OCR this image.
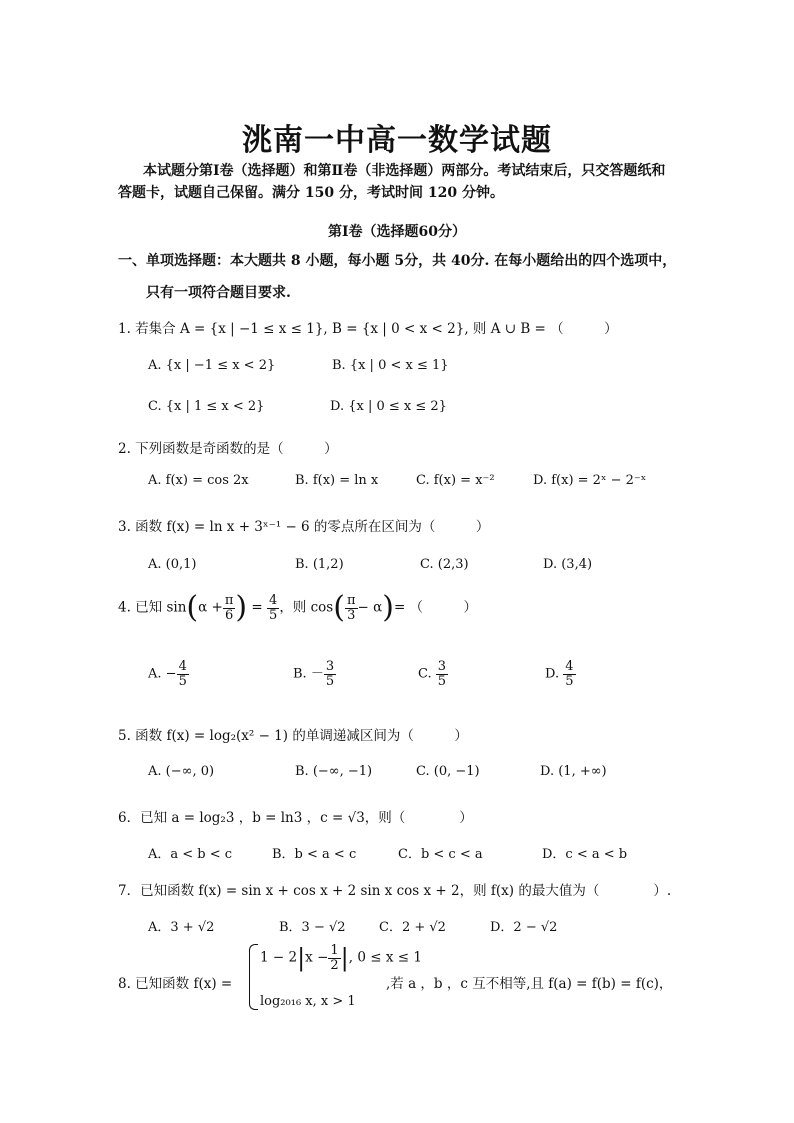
洮南一中高一数学试题
本试题分第Ⅰ卷（选择题）和第Ⅱ卷（非选择题）两部分。考试结束后，只交答题纸和
答题卡，试题自己保留。满分 150 分，考试时间 120 分钟。
第Ⅰ卷（选择题60分）
一、单项选择题：本大题共 8 小题，每小题 5分，共 40分. 在每小题给出的四个选项中，
只有一项符合题目要求.
1. 若集合 A = {x | −1 ≤ x ≤ 1}, B = {x | 0 < x < 2}, 则 A ∪ B = （　　　）
A. {x | −1 ≤ x < 2}	B. {x | 0 < x ≤ 1}
C. {x | 1 ≤ x < 2}	D. {x | 0 ≤ x ≤ 2}
2. 下列函数是奇函数的是（　　　）
A. f(x) = cos 2x	B. f(x) = ln x	C. f(x) = x⁻²	D. f(x) = 2ˣ − 2⁻ˣ
3. 函数 f(x) = ln x + 3ˣ⁻¹ − 6 的零点所在区间为（　　　）
A. (0,1)	B. (1,2)	C. (2,3)	D. (3,4)
4. 已知 $\sin(\alpha + \frac{\pi}{6}$ ) = $\frac{4}{5}$ ，则 $\cos( \frac{\pi}{3} - \alpha)=$ （　　　）
A. − $\frac{4}{5}$	B. － $\frac{3}{5}$	C. $\frac{3}{5}$	D. $\frac{4}{5}$
5. 函数 f(x) = log₂(x² − 1) 的单调递减区间为（　　　）
A. (−∞, 0)	B. (−∞, −1)	C. (0, −1)	D. (1, +∞)
6．已知 a = log₂3 ，b = ln3 ，c = √3，则（　　　　）
A．a < b < c	B．b < a < c	C．b < c < a	D．c < a < b
7．已知函数 f(x) = sin x + cos x + 2 sin x cos x + 2，则 f(x) 的最大值为（　　　　）.
A．3 + √2	B．3 − √2	C．2 + √2	D．2 − √2
8. 已知函数 f(x) =
$1 - 2|x - \frac{1}{2}$ |, 0 ≤ x ≤ 1
log₂₀₁₆ x, x > 1
,若 a ，b ，c 互不相等,且 f(a) = f(b) = f(c)，
